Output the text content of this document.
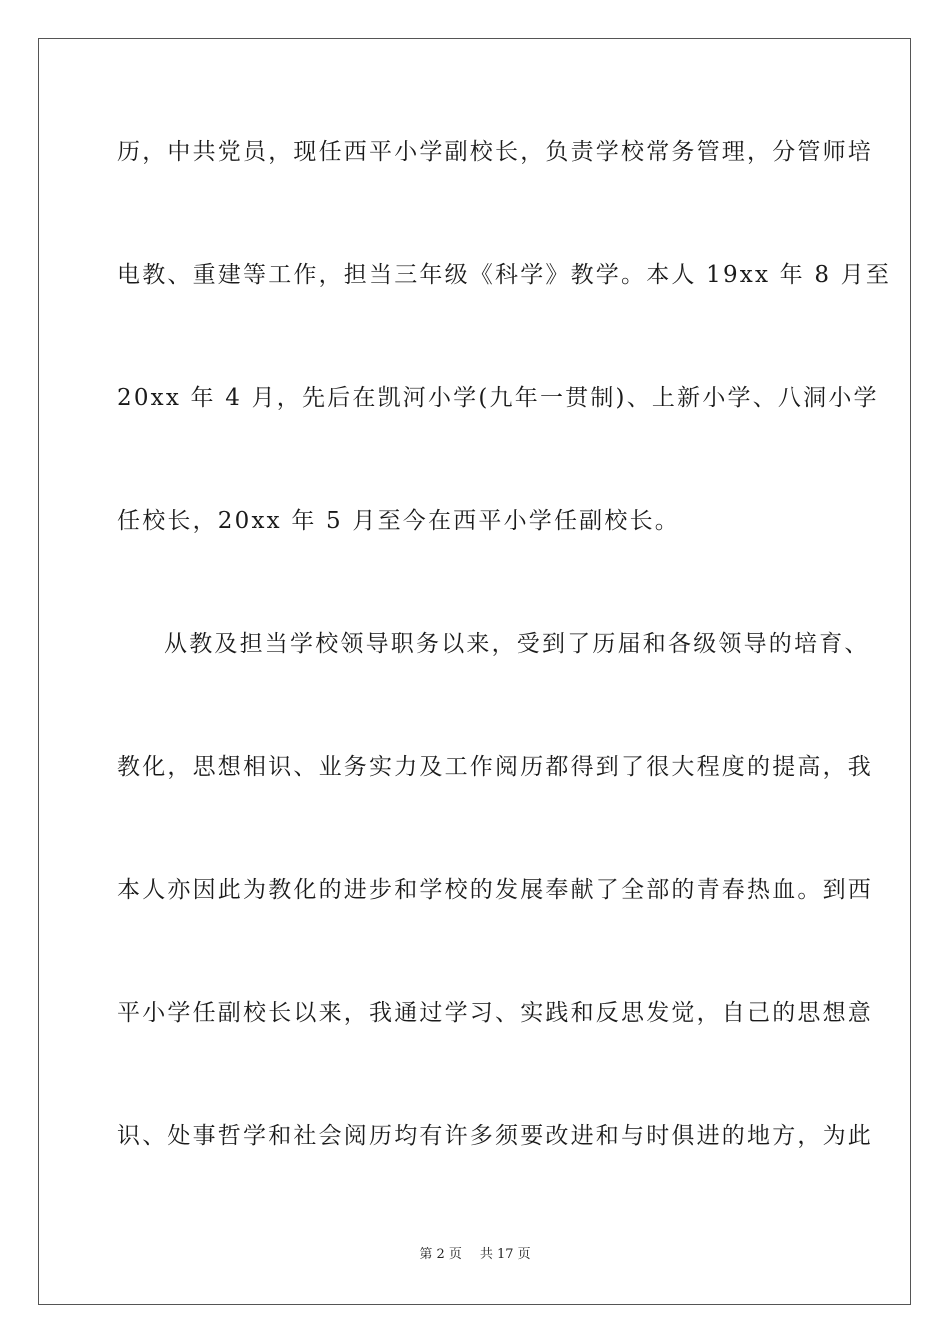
历，中共党员，现任西平小学副校长，负责学校常务管理，分管师培
电教、重建等工作，担当三年级《科学》教学。本人 19xx 年 8 月至
20xx 年 4 月，先后在凯河小学(九年一贯制)、上新小学、八洞小学
任校长，20xx 年 5 月至今在西平小学任副校长。
从教及担当学校领导职务以来，受到了历届和各级领导的培育、
教化，思想相识、业务实力及工作阅历都得到了很大程度的提高，我
本人亦因此为教化的进步和学校的发展奉献了全部的青春热血。到西
平小学任副校长以来，我通过学习、实践和反思发觉，自己的思想意
识、处事哲学和社会阅历均有许多须要改进和与时俱进的地方，为此
第 2 页 共 17 页
